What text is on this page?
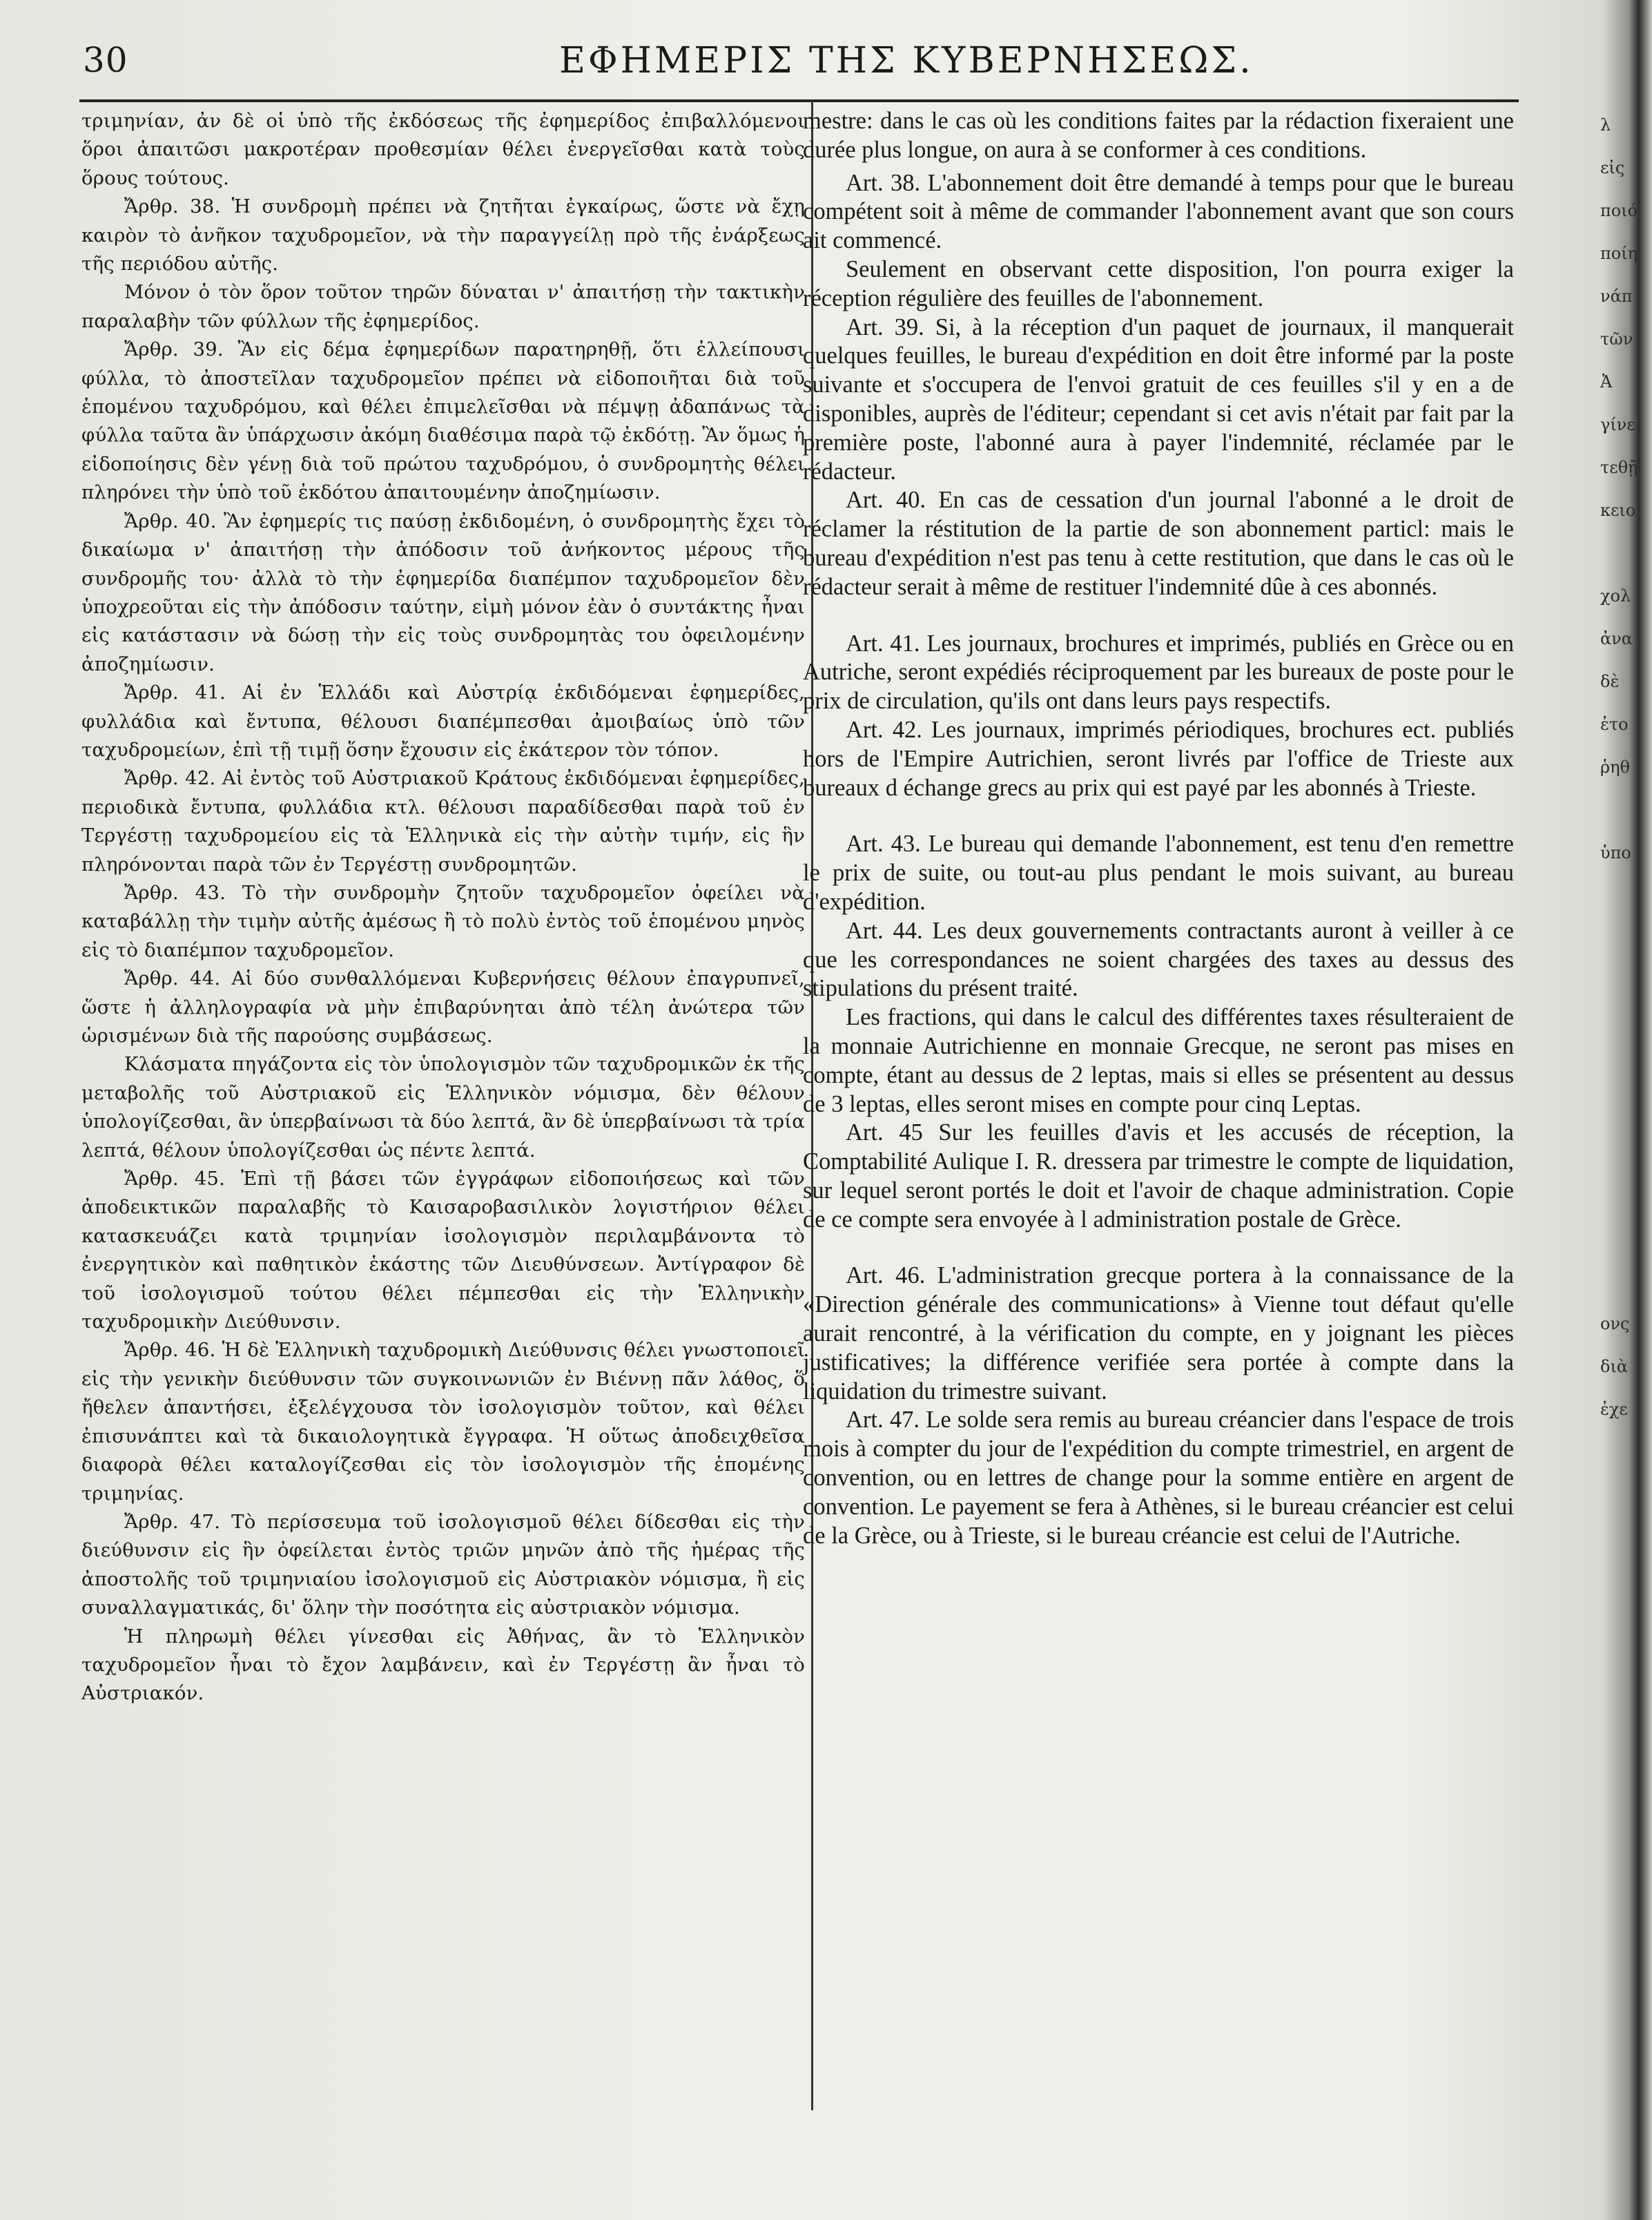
30	ΕΦΗΜΕΡΙΣ ΤΗΣ ΚΥΒΕΡΝΗΣΕΩΣ.

τριμηνίαν, ἀν δὲ οἱ ὑπὸ τῆς ἐκδόσεως τῆς ἐφημερίδος ἐπιβαλλόμενοι ὅροι ἀπαιτῶσι μακροτέραν προθεσμίαν θέλει ἐνεργεῖσθαι κατὰ τοὺς ὅρους τούτους.

Ἄρθρ. 38. Ἡ συνδρομὴ πρέπει νὰ ζητῆται ἐγκαίρως, ὥστε νὰ ἔχῃ καιρὸν τὸ ἀνῆκον ταχυδρομεῖον, νὰ τὴν παραγγείλῃ πρὸ τῆς ἐνάρξεως τῆς περιόδου αὐτῆς.

Μόνον ὁ τὸν ὅρον τοῦτον τηρῶν δύναται ν' ἀπαιτήσῃ τὴν τακτικὴν παραλαβὴν τῶν φύλλων τῆς ἐφημερίδος.

Ἄρθρ. 39. Ἂν εἰς δέμα ἐφημερίδων παρατηρηθῇ, ὅτι ἐλλείπουσι φύλλα, τὸ ἀποστεῖλαν ταχυδρομεῖον πρέπει νὰ εἰδοποιῆται διὰ τοῦ ἑπομένου ταχυδρόμου, καὶ θέλει ἐπιμελεῖσθαι νὰ πέμψῃ ἀδαπάνως τὰ φύλλα ταῦτα ἂν ὑπάρχωσιν ἀκόμη διαθέσιμα παρὰ τῷ ἐκδότῃ. Ἂν ὅμως ἡ εἰδοποίησις δὲν γένῃ διὰ τοῦ πρώτου ταχυδρόμου, ὁ συνδρομητὴς θέλει πληρόνει τὴν ὑπὸ τοῦ ἐκδότου ἀπαιτουμένην ἀποζημίωσιν.

Ἄρθρ. 40. Ἂν ἐφημερίς τις παύσῃ ἐκδιδομένη, ὁ συνδρομητὴς ἔχει τὸ δικαίωμα ν' ἀπαιτήσῃ τὴν ἀπόδοσιν τοῦ ἀνήκοντος μέρους τῆς συνδρομῆς του· ἀλλὰ τὸ τὴν ἐφημερίδα διαπέμπον ταχυδρομεῖον δὲν ὑποχρεοῦται εἰς τὴν ἀπόδοσιν ταύτην, εἰμὴ μόνον ἐὰν ὁ συντάκτης ἦναι εἰς κατάστασιν νὰ δώσῃ τὴν εἰς τοὺς συνδρομητὰς του ὀφειλομένην ἀποζημίωσιν.

Ἄρθρ. 41. Αἱ ἐν Ἑλλάδι καὶ Αὐστρίᾳ ἐκδιδόμεναι ἐφημερίδες, φυλλάδια καὶ ἔντυπα, θέλουσι διαπέμπεσθαι ἀμοιβαίως ὑπὸ τῶν ταχυδρομείων, ἐπὶ τῇ τιμῇ ὅσην ἔχουσιν εἰς ἑκάτερον τὸν τόπον.

Ἄρθρ. 42. Αἱ ἐντὸς τοῦ Αὐστριακοῦ Κράτους ἐκδιδόμεναι ἐφημερίδες, περιοδικὰ ἔντυπα, φυλλάδια κτλ. θέλουσι παραδίδεσθαι παρὰ τοῦ ἐν Τεργέστῃ ταχυδρομείου εἰς τὰ Ἑλληνικὰ εἰς τὴν αὐτὴν τιμήν, εἰς ἣν πληρόνονται παρὰ τῶν ἐν Τεργέστῃ συνδρομητῶν.

Ἄρθρ. 43. Τὸ τὴν συνδρομὴν ζητοῦν ταχυδρομεῖον ὀφείλει νὰ καταβάλλῃ τὴν τιμὴν αὐτῆς ἀμέσως ἢ τὸ πολὺ ἐντὸς τοῦ ἑπομένου μηνὸς εἰς τὸ διαπέμπον ταχυδρομεῖον.

Ἄρθρ. 44. Αἱ δύο συνθαλλόμεναι Κυβερνήσεις θέλουν ἐπαγρυπνεῖ, ὥστε ἡ ἀλληλογραφία νὰ μὴν ἐπιβαρύνηται ἀπὸ τέλη ἀνώτερα τῶν ὡρισμένων διὰ τῆς παρούσης συμβάσεως.

Κλάσματα πηγάζοντα εἰς τὸν ὑπολογισμὸν τῶν ταχυδρομικῶν ἐκ τῆς μεταβολῆς τοῦ Αὐστριακοῦ εἰς Ἑλληνικὸν νόμισμα, δὲν θέλουν ὑπολογίζεσθαι, ἂν ὑπερβαίνωσι τὰ δύο λεπτά, ἂν δὲ ὑπερβαίνωσι τὰ τρία λεπτά, θέλουν ὑπολογίζεσθαι ὡς πέντε λεπτά.

Ἄρθρ. 45. Ἐπὶ τῇ βάσει τῶν ἐγγράφων εἰδοποιήσεως καὶ τῶν ἀποδεικτικῶν παραλαβῆς τὸ Καισαροβασιλικὸν λογιστήριον θέλει κατασκευάζει κατὰ τριμηνίαν ἰσολογισμὸν περιλαμβάνοντα τὸ ἐνεργητικὸν καὶ παθητικὸν ἑκάστης τῶν Διευθύνσεων. Ἀντίγραφον δὲ τοῦ ἰσολογισμοῦ τούτου θέλει πέμπεσθαι εἰς τὴν Ἑλληνικὴν ταχυδρομικὴν Διεύθυνσιν.

Ἄρθρ. 46. Ἡ δὲ Ἑλληνικὴ ταχυδρομικὴ Διεύθυνσις θέλει γνωστοποιεῖ εἰς τὴν γενικὴν διεύθυνσιν τῶν συγκοινωνιῶν ἐν Βιέννῃ πᾶν λάθος, ὅ ἤθελεν ἀπαντήσει, ἐξελέγχουσα τὸν ἰσολογισμὸν τοῦτον, καὶ θέλει ἐπισυνάπτει καὶ τὰ δικαιολογητικὰ ἔγγραφα. Ἡ οὕτως ἀποδειχθεῖσα διαφορὰ θέλει καταλογίζεσθαι εἰς τὸν ἰσολογισμὸν τῆς ἑπομένης τριμηνίας.

Ἄρθρ. 47. Τὸ περίσσευμα τοῦ ἰσολογισμοῦ θέλει δίδεσθαι εἰς τὴν διεύθυνσιν εἰς ἣν ὀφείλεται ἐντὸς τριῶν μηνῶν ἀπὸ τῆς ἡμέρας τῆς ἀποστολῆς τοῦ τριμηνιαίου ἰσολογισμοῦ εἰς Αὐστριακὸν νόμισμα, ἢ εἰς συναλλαγματικάς, δι' ὅλην τὴν ποσότητα εἰς αὐστριακὸν νόμισμα.

Ἡ πληρωμὴ θέλει γίνεσθαι εἰς Ἀθήνας, ἂν τὸ Ἑλληνικὸν ταχυδρομεῖον ἦναι τὸ ἔχον λαμβάνειν, καὶ ἐν Τεργέστῃ ἂν ἦναι τὸ Αὐστριακόν.

mestre: dans le cas où les conditions faites par la rédaction fixeraient une durée plus longue, on aura à se conformer à ces conditions.

Art. 38. L'abonnement doit être demandé à temps pour que le bureau compétent soit à même de commander l'abonnement avant que son cours ait commencé.

Seulement en observant cette disposition, l'on pourra exiger la réception régulière des feuilles de l'abonnement.

Art. 39. Si, à la réception d'un paquet de journaux, il manquerait quelques feuilles, le bureau d'expédition en doit être informé par la poste suivante et s'occupera de l'envoi gratuit de ces feuilles s'il y en a de disponibles, auprès de l'éditeur; cependant si cet avis n'était par fait par la première poste, l'abonné aura à payer l'indemnité, réclamée par le rédacteur.

Art. 40. En cas de cessation d'un journal l'abonné a le droit de réclamer la réstitution de la partie de son abonnement particl: mais le bureau d'expédition n'est pas tenu à cette restitution, que dans le cas où le rédacteur serait à même de restituer l'indemnité dûe à ces abonnés.

Art. 41. Les journaux, brochures et imprimés, publiés en Grèce ou en Autriche, seront expédiés réciproquement par les bureaux de poste pour le prix de circulation, qu'ils ont dans leurs pays respectifs.

Art. 42. Les journaux, imprimés périodiques, brochures ect. publiés hors de l'Empire Autrichien, seront livrés par l'office de Trieste aux bureaux d échange grecs au prix qui est payé par les abonnés à Trieste.

Art. 43. Le bureau qui demande l'abonnement, est tenu d'en remettre le prix de suite, ou tout-au plus pendant le mois suivant, au bureau d'expédition.

Art. 44. Les deux gouvernements contractants auront à veiller à ce que les correspondances ne soient chargées des taxes au dessus des stipulations du présent traité.

Les fractions, qui dans le calcul des différentes taxes résulteraient de la monnaie Autrichienne en monnaie Grecque, ne seront pas mises en compte, étant au dessus de 2 leptas, mais si elles se présentent au dessus de 3 leptas, elles seront mises en compte pour cinq Leptas.

Art. 45 Sur les feuilles d'avis et les accusés de réception, la Comptabilité Aulique I. R. dressera par trimestre le compte de liquidation, sur lequel seront portés le doit et l'avoir de chaque administration. Copie de ce compte sera envoyée à l administration postale de Grèce.

Art. 46. L'administration grecque portera à la connaissance de la «Direction générale des communications» à Vienne tout défaut qu'elle aurait rencontré, à la vérification du compte, en y joignant les pièces justificatives; la différence verifiée sera portée à compte dans la liquidation du trimestre suivant.

Art. 47. Le solde sera remis au bureau créancier dans l'espace de trois mois à compter du jour de l'expédition du compte trimestriel, en argent de convention, ou en lettres de change pour la somme entière en argent de convention. Le payement se fera à Athènes, si le bureau créancier est celui de la Grèce, ou à Trieste, si le bureau créancie est celui de l'Autriche.

λ
εἰς
ποιό
ποίη
νάπ
τῶν
Ἀ
γίνε
τεθῇ
κειο
χολ
ἀνα
δὲ
ἐτο
ῥηθ
ὑπο
ονς
διὰ
ἐχε
